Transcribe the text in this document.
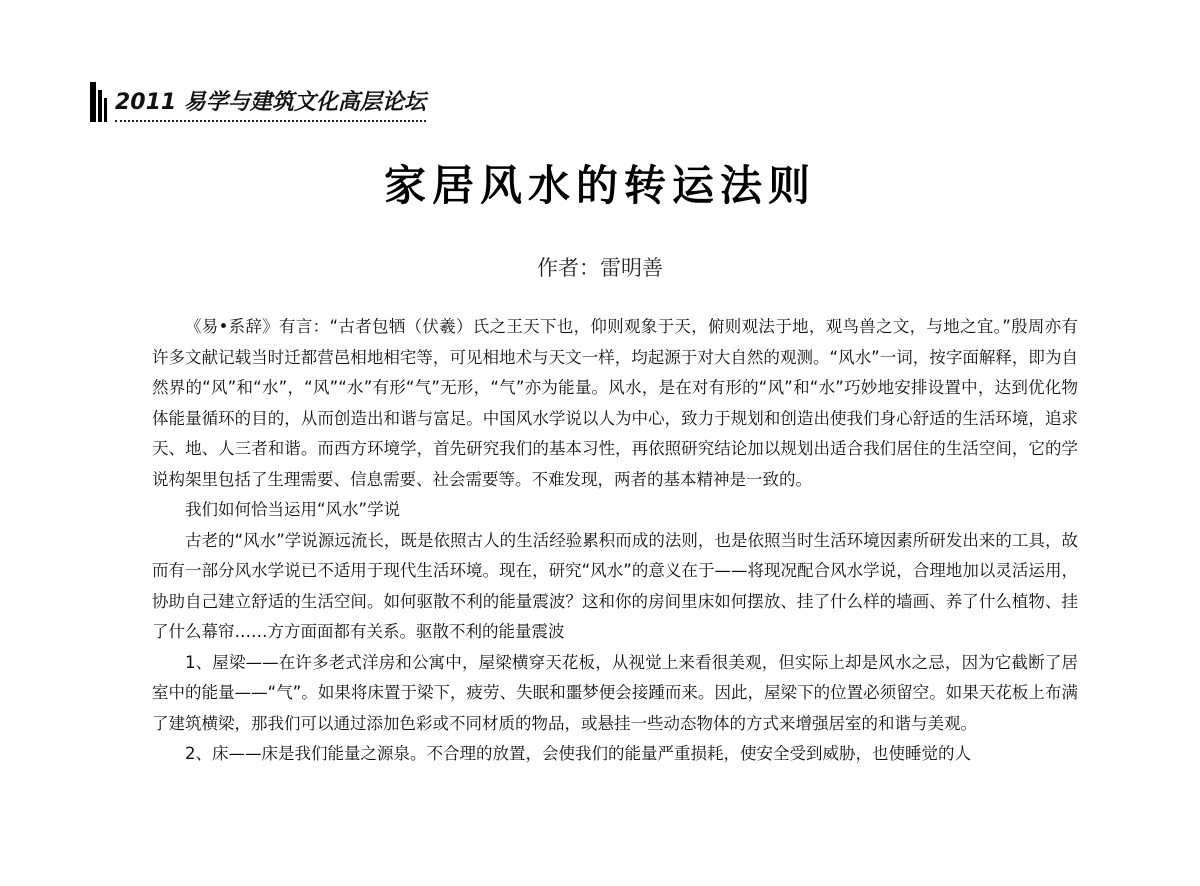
2011 易学与建筑文化高层论坛
家居风水的转运法则
作者：雷明善

《易•系辞》有言：“古者包牺（伏羲）氏之王天下也，仰则观象于天，俯则观法于地，观鸟兽之文，与地之宜。”殷周亦有许多文献记载当时迁都营邑相地相宅等，可见相地术与天文一样，均起源于对大自然的观测。“风水”一词，按字面解释，即为自然界的“风”和“水”，“风”“水”有形“气”无形，“气”亦为能量。风水，是在对有形的“风”和“水”巧妙地安排设置中，达到优化物体能量循环的目的，从而创造出和谐与富足。中国风水学说以人为中心，致力于规划和创造出使我们身心舒适的生活环境，追求天、地、人三者和谐。而西方环境学，首先研究我们的基本习性，再依照研究结论加以规划出适合我们居住的生活空间，它的学说构架里包括了生理需要、信息需要、社会需要等。不难发现，两者的基本精神是一致的。

我们如何恰当运用“风水”学说

古老的“风水”学说源远流长，既是依照古人的生活经验累积而成的法则，也是依照当时生活环境因素所研发出来的工具，故而有一部分风水学说已不适用于现代生活环境。现在，研究“风水”的意义在于——将现况配合风水学说，合理地加以灵活运用，协助自己建立舒适的生活空间。如何驱散不利的能量震波？这和你的房间里床如何摆放、挂了什么样的墙画、养了什么植物、挂了什么幕帘……方方面面都有关系。驱散不利的能量震波

1、屋梁——在许多老式洋房和公寓中，屋梁横穿天花板，从视觉上来看很美观，但实际上却是风水之忌，因为它截断了居室中的能量——“气”。如果将床置于梁下，疲劳、失眠和噩梦便会接踵而来。因此，屋梁下的位置必须留空。如果天花板上布满了建筑横梁，那我们可以通过添加色彩或不同材质的物品，或悬挂一些动态物体的方式来增强居室的和谐与美观。

2、床——床是我们能量之源泉。不合理的放置，会使我们的能量严重损耗，使安全受到威胁，也使睡觉的人
